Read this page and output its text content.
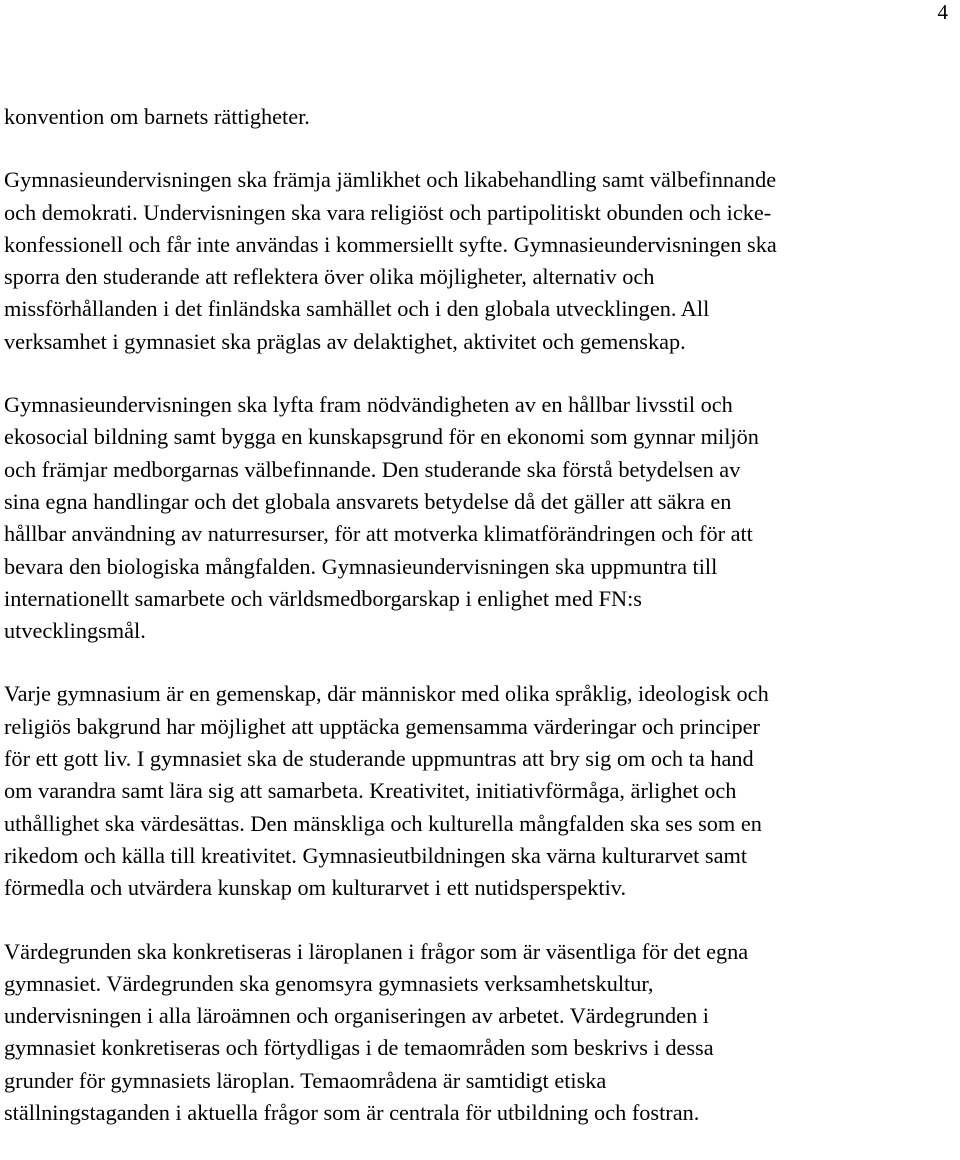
4

konvention om barnets rättigheter.

Gymnasieundervisningen ska främja jämlikhet och likabehandling samt välbefinnande
och demokrati. Undervisningen ska vara religiöst och partipolitiskt obunden och icke-
konfessionell och får inte användas i kommersiellt syfte. Gymnasieundervisningen ska
sporra den studerande att reflektera över olika möjligheter, alternativ och
missförhållanden i det finländska samhället och i den globala utvecklingen. All
verksamhet i gymnasiet ska präglas av delaktighet, aktivitet och gemenskap.

Gymnasieundervisningen ska lyfta fram nödvändigheten av en hållbar livsstil och
ekosocial bildning samt bygga en kunskapsgrund för en ekonomi som gynnar miljön
och främjar medborgarnas välbefinnande. Den studerande ska förstå betydelsen av
sina egna handlingar och det globala ansvarets betydelse då det gäller att säkra en
hållbar användning av naturresurser, för att motverka klimatförändringen och för att
bevara den biologiska mångfalden. Gymnasieundervisningen ska uppmuntra till
internationellt samarbete och världsmedborgarskap i enlighet med FN:s
utvecklingsmål.

Varje gymnasium är en gemenskap, där människor med olika språklig, ideologisk och
religiös bakgrund har möjlighet att upptäcka gemensamma värderingar och principer
för ett gott liv. I gymnasiet ska de studerande uppmuntras att bry sig om och ta hand
om varandra samt lära sig att samarbeta. Kreativitet, initiativförmåga, ärlighet och
uthållighet ska värdesättas. Den mänskliga och kulturella mångfalden ska ses som en
rikedom och källa till kreativitet. Gymnasieutbildningen ska värna kulturarvet samt
förmedla och utvärdera kunskap om kulturarvet i ett nutidsperspektiv.

Värdegrunden ska konkretiseras i läroplanen i frågor som är väsentliga för det egna
gymnasiet. Värdegrunden ska genomsyra gymnasiets verksamhetskultur,
undervisningen i alla läroämnen och organiseringen av arbetet. Värdegrunden i
gymnasiet konkretiseras och förtydligas i de temaområden som beskrivs i dessa
grunder för gymnasiets läroplan. Temaområdena är samtidigt etiska
ställningstaganden i aktuella frågor som är centrala för utbildning och fostran.
